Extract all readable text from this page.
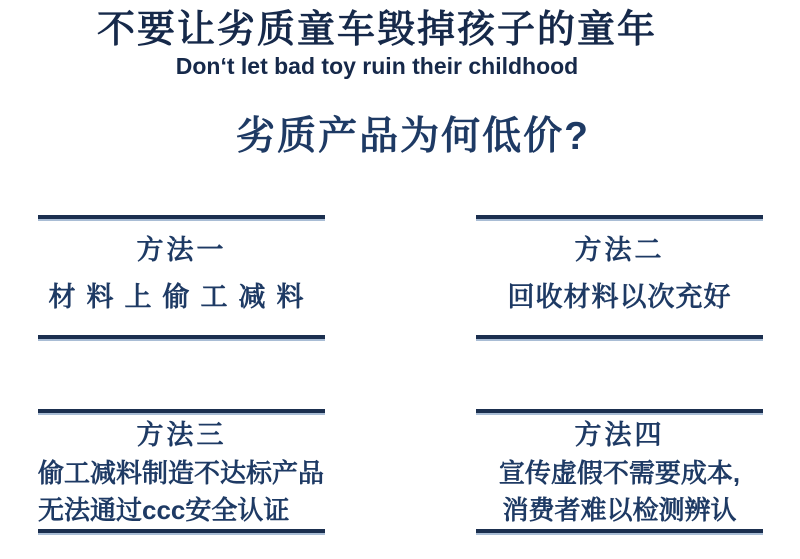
不要让劣质童车毁掉孩子的童年
Don‘t let bad toy ruin their childhood
劣质产品为何低价?
方法一
材料上偷工减料
方法二
回收材料以次充好
方法三
偷工减料制造不达标产品
无法通过ccc安全认证
方法四
宣传虚假不需要成本,
消费者难以检测辨认
